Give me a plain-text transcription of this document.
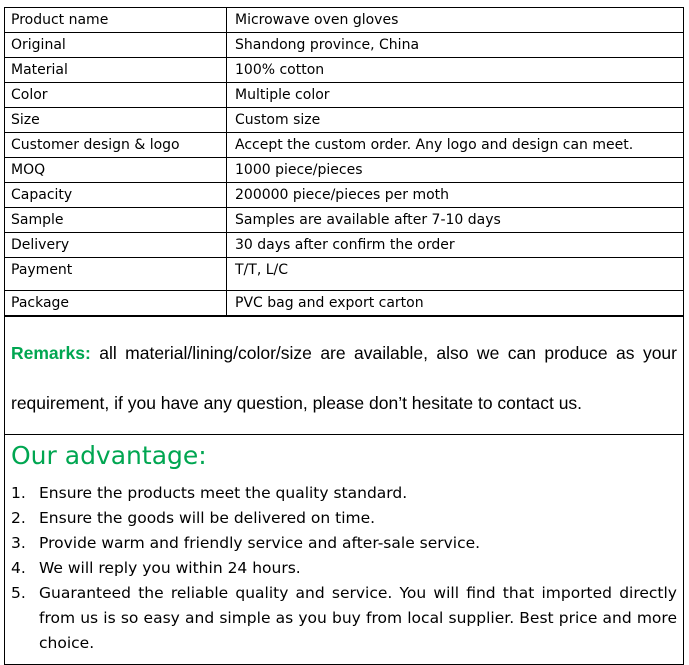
Product name	Microwave oven gloves
Original	Shandong province, China
Material	100% cotton
Color	Multiple color
Size	Custom size
Customer design & logo	Accept the custom order. Any logo and design can meet.
MOQ	1000 piece/pieces
Capacity	200000 piece/pieces per moth
Sample	Samples are available after 7-10 days
Delivery	30 days after confirm the order
Payment	T/T, L/C
Package	PVC bag and export carton
Remarks: all material/lining/color/size are available, also we can produce as your requirement, if you have any question, please don’t hesitate to contact us.
Our advantage:
1. Ensure the products meet the quality standard.
2. Ensure the goods will be delivered on time.
3. Provide warm and friendly service and after-sale service.
4. We will reply you within 24 hours.
5. Guaranteed the reliable quality and service. You will find that imported directly from us is so easy and simple as you buy from local supplier. Best price and more choice.
